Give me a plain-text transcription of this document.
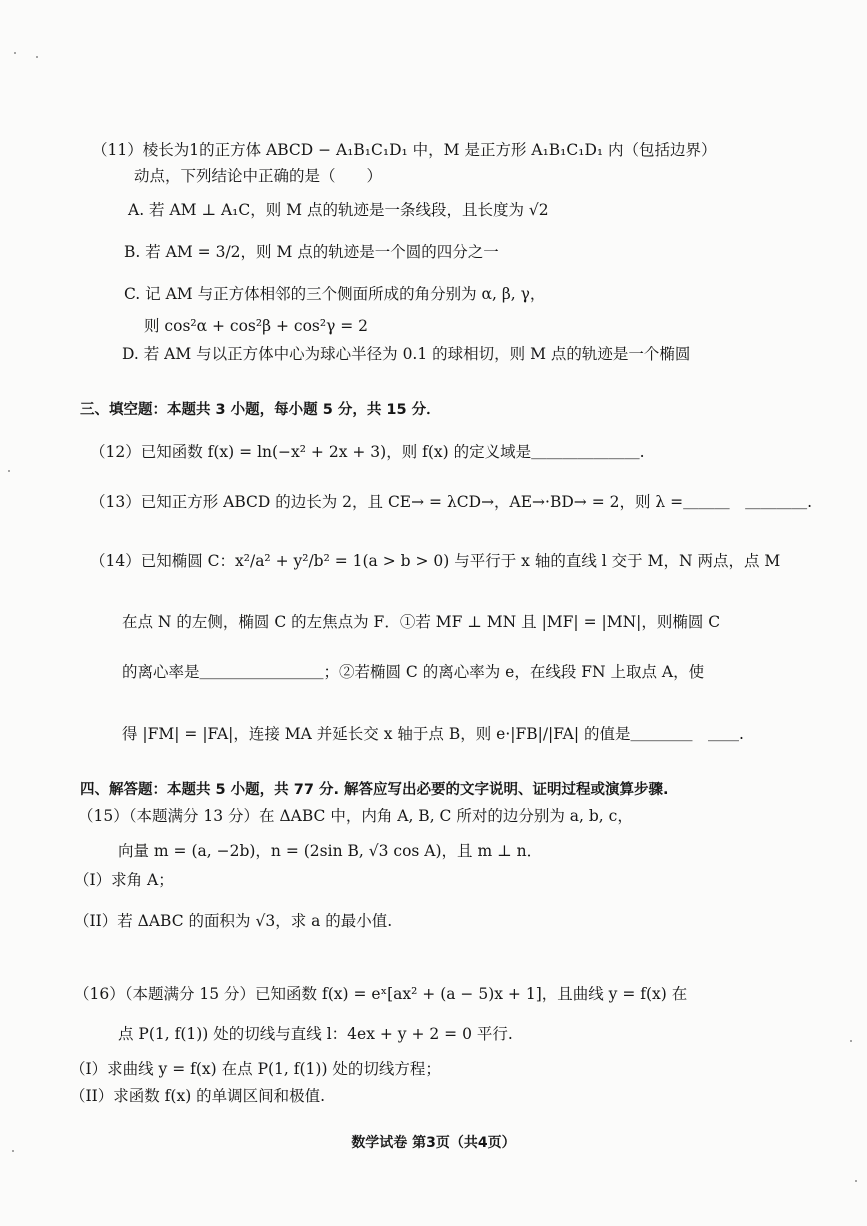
（11）棱长为1的正方体 ABCD − A₁B₁C₁D₁ 中，M 是正方形 A₁B₁C₁D₁ 内（包括边界）
动点，下列结论中正确的是（　　）
A. 若 AM ⊥ A₁C，则 M 点的轨迹是一条线段，且长度为 √2
B. 若 AM = 3/2，则 M 点的轨迹是一个圆的四分之一
C. 记 AM 与正方体相邻的三个侧面所成的角分别为 α, β, γ，
则 cos²α + cos²β + cos²γ = 2
D. 若 AM 与以正方体中心为球心半径为 0.1 的球相切，则 M 点的轨迹是一个椭圆
三、填空题：本题共 3 小题，每小题 5 分，共 15 分．
（12）已知函数 f(x) = ln(−x² + 2x + 3)，则 f(x) 的定义域是＿＿＿＿＿＿＿.
（13）已知正方形 ABCD 的边长为 2，且 CE→ = λCD→，AE→·BD→ = 2，则 λ =＿＿＿　＿＿＿＿.
（14）已知椭圆 C：x²/a² + y²/b² = 1(a > b > 0) 与平行于 x 轴的直线 l 交于 M，N 两点，点 M
在点 N 的左侧，椭圆 C 的左焦点为 F．①若 MF ⊥ MN 且 |MF| = |MN|，则椭圆 C
的离心率是＿＿＿＿＿＿＿＿；②若椭圆 C 的离心率为 e，在线段 FN 上取点 A，使
得 |FM| = |FA|，连接 MA 并延长交 x 轴于点 B，则 e·|FB|/|FA| 的值是＿＿＿＿　＿＿.
四、解答题：本题共 5 小题，共 77 分. 解答应写出必要的文字说明、证明过程或演算步骤.
（15）（本题满分 13 分）在 ΔABC 中，内角 A, B, C 所对的边分别为 a, b, c，
向量 m = (a, −2b)，n = (2sin B, √3 cos A)，且 m ⊥ n．
（I）求角 A；
（II）若 ΔABC 的面积为 √3，求 a 的最小值.
（16）（本题满分 15 分）已知函数 f(x) = eˣ[ax² + (a − 5)x + 1]，且曲线 y = f(x) 在
点 P(1, f(1)) 处的切线与直线 l：4ex + y + 2 = 0 平行.
（I）求曲线 y = f(x) 在点 P(1, f(1)) 处的切线方程；
（II）求函数 f(x) 的单调区间和极值.
数学试卷 第3页（共4页）
